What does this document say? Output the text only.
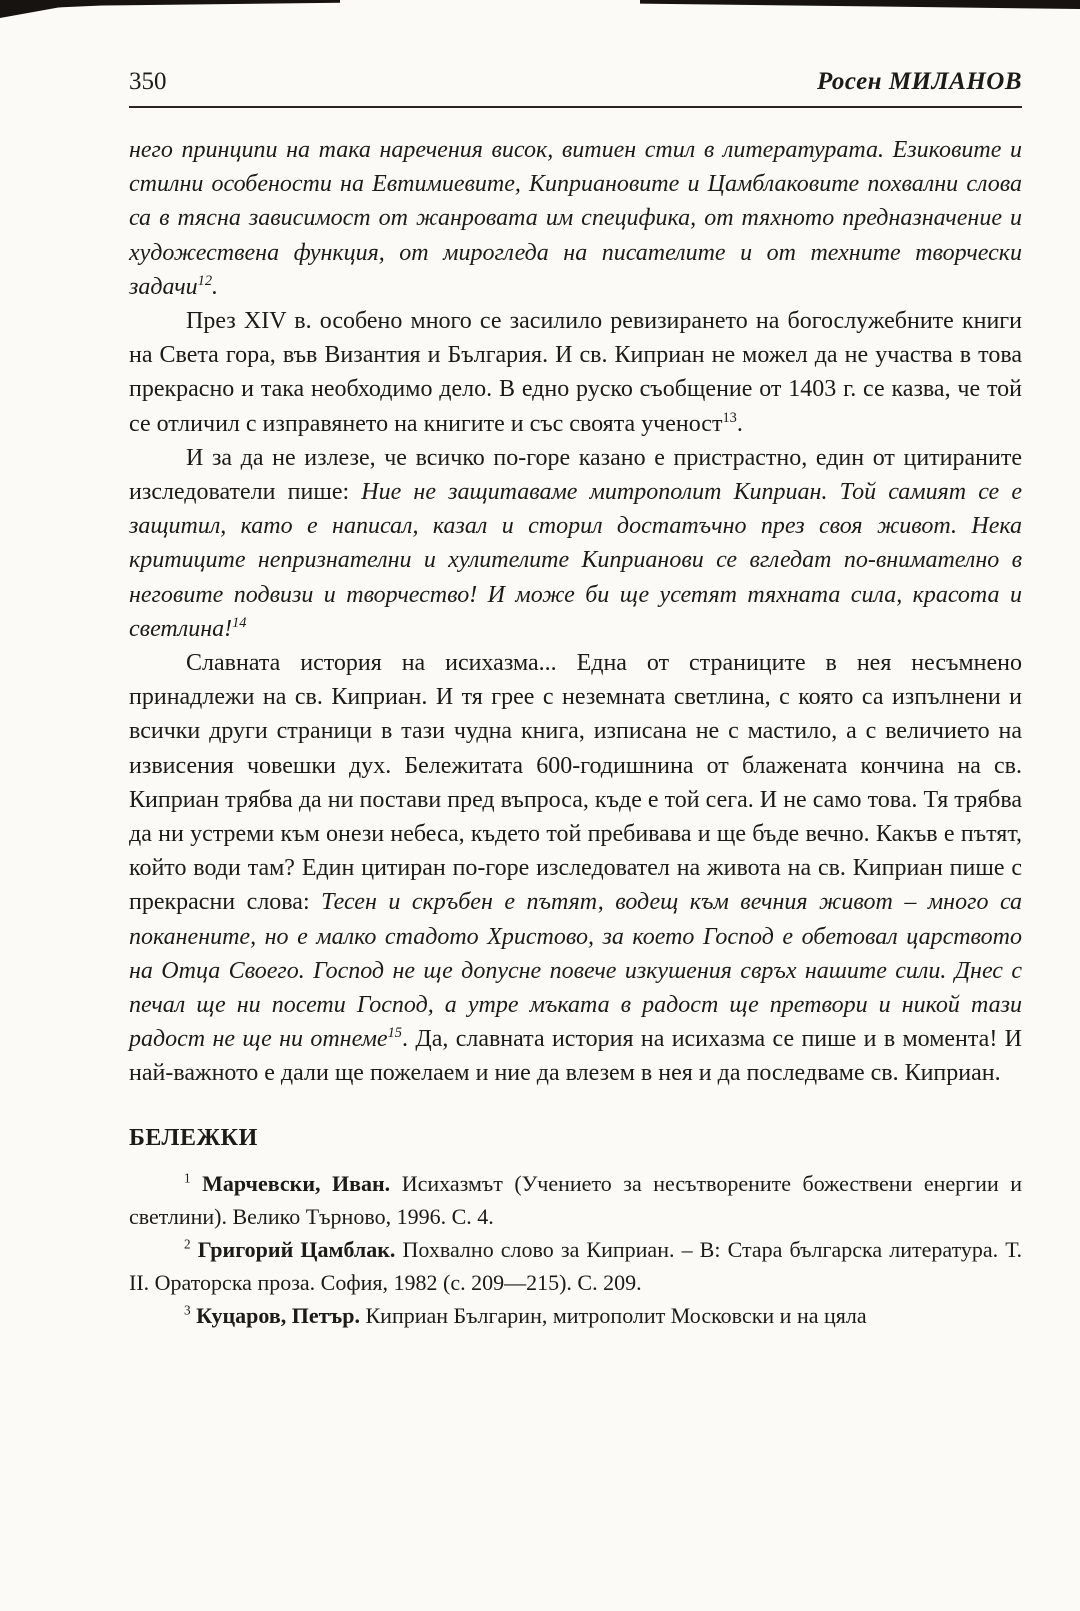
350	Росен МИЛАНОВ

него принципи на така наречения висок, витиен стил в литературата. Езиковите и стилни особености на Евтимиевите, Киприановите и Цамблаковите похвални слова са в тясна зависимост от жанровата им специфика, от тяхното предназначение и художествена функция, от мирогледа на писателите и от техните творчески задачи$^{12}$.

През XIV в. особено много се засилило ревизирането на богослужебните книги на Света гора, във Византия и България. И св. Киприан не можел да не участва в това прекрасно и така необходимо дело. В едно руско съобщение от 1403 г. се казва, че той се отличил с изправянето на книгите и със своята ученост$^{13}$.

И за да не излезе, че всичко по-горе казано е пристрастно, един от цитираните изследователи пише: Ние не защитаваме митрополит Киприан. Той самият се е защитил, като е написал, казал и сторил достатъчно през своя живот. Нека критиците непризнателни и хулителите Киприанови се вгледат по-внимателно в неговите подвизи и творчество! И може би ще усетят тяхната сила, красота и светлина!$^{14}$

Славната история на исихазма... Една от страниците в нея несъмнено принадлежи на св. Киприан. И тя грее с неземната светлина, с която са изпълнени и всички други страници в тази чудна книга, изписана не с мастило, а с величието на извисения човешки дух. Бележитата 600-годишнина от блажената кончина на св. Киприан трябва да ни постави пред въпроса, къде е той сега. И не само това. Тя трябва да ни устреми към онези небеса, където той пребивава и ще бъде вечно. Какъв е пътят, който води там? Един цитиран по-горе изследовател на живота на св. Киприан пише с прекрасни слова: Тесен и скръбен е пътят, водещ към вечния живот – много са поканените, но е малко стадото Христово, за което Господ е обетовал царството на Отца Своего. Господ не ще допусне повече изкушения свръх нашите сили. Днес с печал ще ни посети Господ, а утре мъката в радост ще претвори и никой тази радост не ще ни отнеме$^{15}$. Да, славната история на исихазма се пише и в момента! И най-важното е дали ще пожелаем и ние да влезем в нея и да последваме св. Киприан.

БЕЛЕЖКИ

$^1$ Марчевски, Иван. Исихазмът (Учението за несътворените божествени енергии и светлини). Велико Търново, 1996. С. 4.

$^2$ Григорий Цамблак. Похвално слово за Киприан. – В: Стара българска литература. Т. II. Ораторска проза. София, 1982 (с. 209—215). С. 209.

$^3$ Куцаров, Петър. Киприан Българин, митрополит Московски и на цяла
